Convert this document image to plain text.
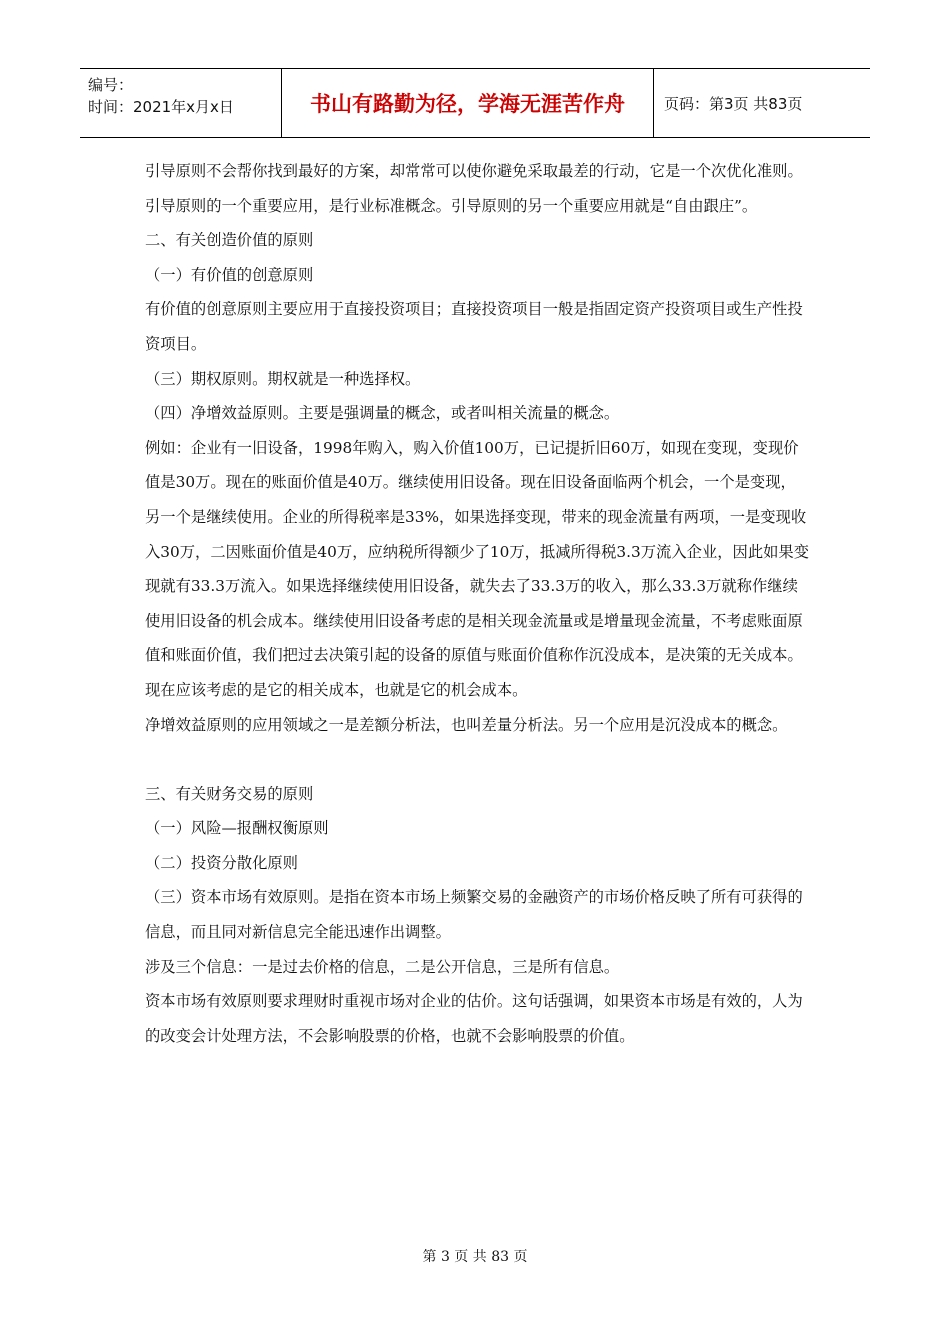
编号：
时间：2021年x月x日	书山有路勤为径，学海无涯苦作舟	页码：第3页 共83页

引导原则不会帮你找到最好的方案，却常常可以使你避免采取最差的行动，它是一个次优化准则。

引导原则的一个重要应用，是行业标准概念。引导原则的另一个重要应用就是“自由跟庄”。

二、有关创造价值的原则

（一）有价值的创意原则

有价值的创意原则主要应用于直接投资项目；直接投资项目一般是指固定资产投资项目或生产性投资项目。

（三）期权原则。期权就是一种选择权。

（四）净增效益原则。主要是强调量的概念，或者叫相关流量的概念。

例如：企业有一旧设备，1998年购入，购入价值100万，已记提折旧60万，如现在变现，变现价值是30万。现在的账面价值是40万。继续使用旧设备。现在旧设备面临两个机会，一个是变现，另一个是继续使用。企业的所得税率是33%，如果选择变现，带来的现金流量有两项，一是变现收入30万，二因账面价值是40万，应纳税所得额少了10万，抵减所得税3.3万流入企业，因此如果变现就有33.3万流入。如果选择继续使用旧设备，就失去了33.3万的收入，那么33.3万就称作继续使用旧设备的机会成本。继续使用旧设备考虑的是相关现金流量或是增量现金流量，不考虑账面原值和账面价值，我们把过去决策引起的设备的原值与账面价值称作沉没成本，是决策的无关成本。现在应该考虑的是它的相关成本，也就是它的机会成本。

净增效益原则的应用领域之一是差额分析法，也叫差量分析法。另一个应用是沉没成本的概念。

三、有关财务交易的原则

（一）风险—报酬权衡原则

（二）投资分散化原则

（三）资本市场有效原则。是指在资本市场上频繁交易的金融资产的市场价格反映了所有可获得的信息，而且同对新信息完全能迅速作出调整。

涉及三个信息：一是过去价格的信息，二是公开信息，三是所有信息。

资本市场有效原则要求理财时重视市场对企业的估价。这句话强调，如果资本市场是有效的，人为的改变会计处理方法，不会影响股票的价格，也就不会影响股票的价值。

第 3 页 共 83 页
